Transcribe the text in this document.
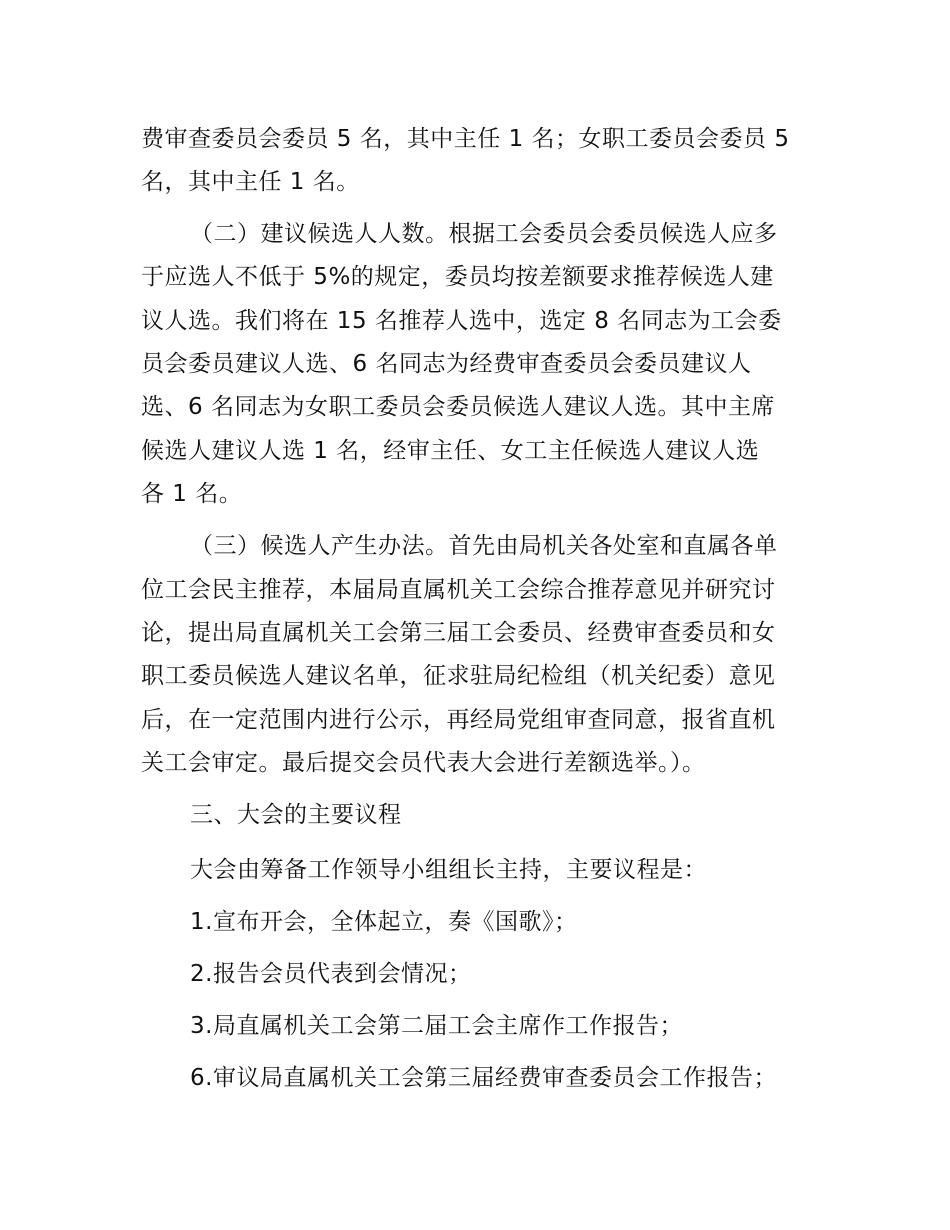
费审查委员会委员 5 名，其中主任 1 名；女职工委员会委员 5
名，其中主任 1 名。
（二）建议候选人人数。根据工会委员会委员候选人应多
于应选人不低于 5%的规定，委员均按差额要求推荐候选人建
议人选。我们将在 15 名推荐人选中，选定 8 名同志为工会委
员会委员建议人选、6 名同志为经费审查委员会委员建议人
选、6 名同志为女职工委员会委员候选人建议人选。其中主席
候选人建议人选 1 名，经审主任、女工主任候选人建议人选
各 1 名。
（三）候选人产生办法。首先由局机关各处室和直属各单
位工会民主推荐，本届局直属机关工会综合推荐意见并研究讨
论，提出局直属机关工会第三届工会委员、经费审查委员和女
职工委员候选人建议名单，征求驻局纪检组（机关纪委）意见
后，在一定范围内进行公示，再经局党组审查同意，报省直机
关工会审定。最后提交会员代表大会进行差额选举。）。
三、大会的主要议程
大会由筹备工作领导小组组长主持，主要议程是：
1.宣布开会，全体起立，奏《国歌》；
2.报告会员代表到会情况；
3.局直属机关工会第二届工会主席作工作报告；
6.审议局直属机关工会第三届经费审查委员会工作报告；
